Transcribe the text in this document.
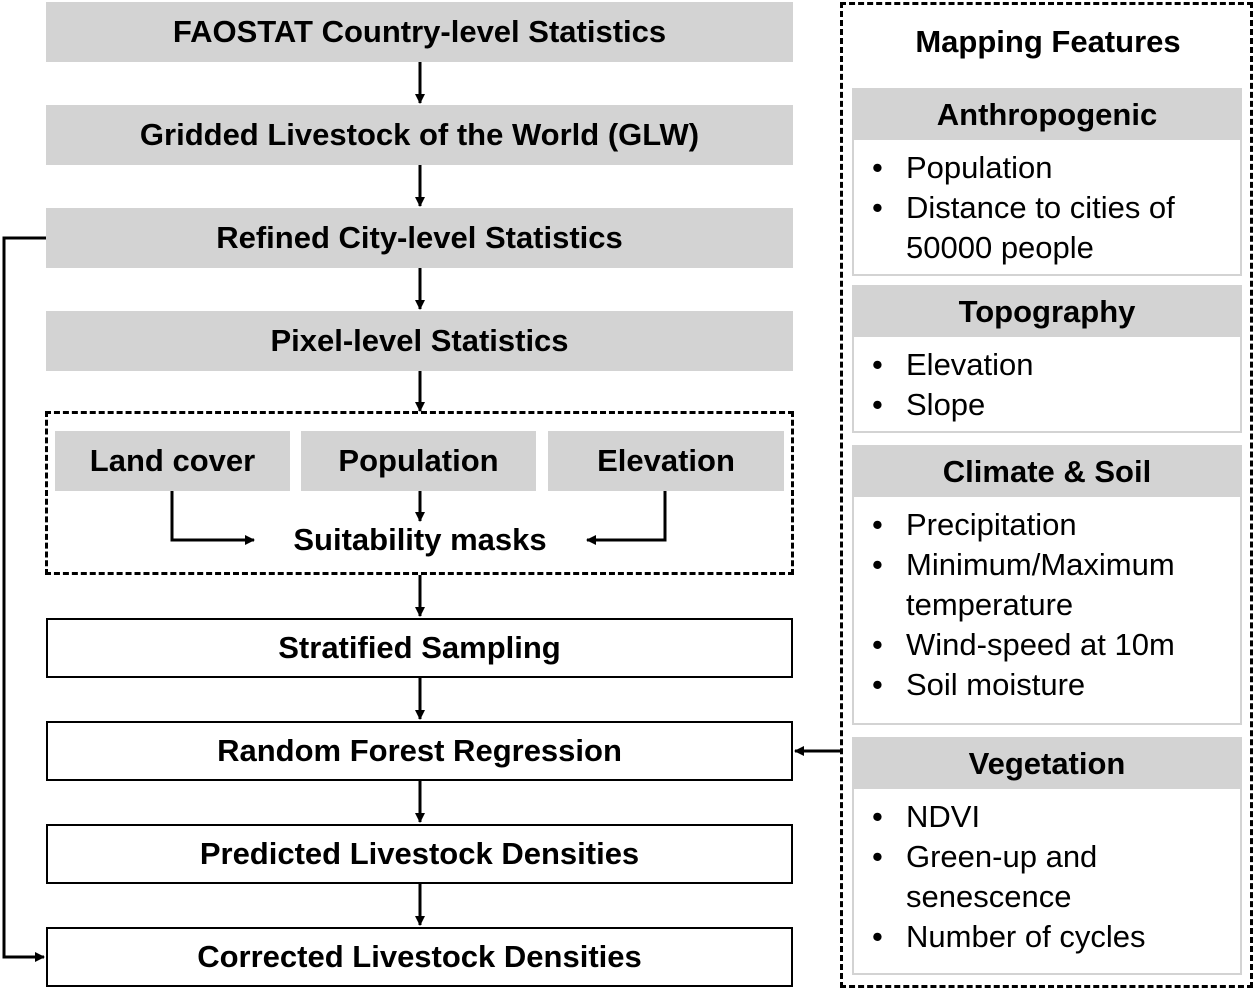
FAOSTAT Country-level Statistics
Gridded Livestock of the World (GLW)
Refined City-level Statistics
Pixel-level Statistics
Land cover	Population	Elevation
Suitability masks
Stratified Sampling
Random Forest Regression
Predicted Livestock Densities
Corrected Livestock Densities
Mapping Features
Anthropogenic
• Population
• Distance to cities of 50000 people
Topography
• Elevation
• Slope
Climate & Soil
• Precipitation
• Minimum/Maximum temperature
• Wind-speed at 10m
• Soil moisture
Vegetation
• NDVI
• Green-up and senescence
• Number of cycles
